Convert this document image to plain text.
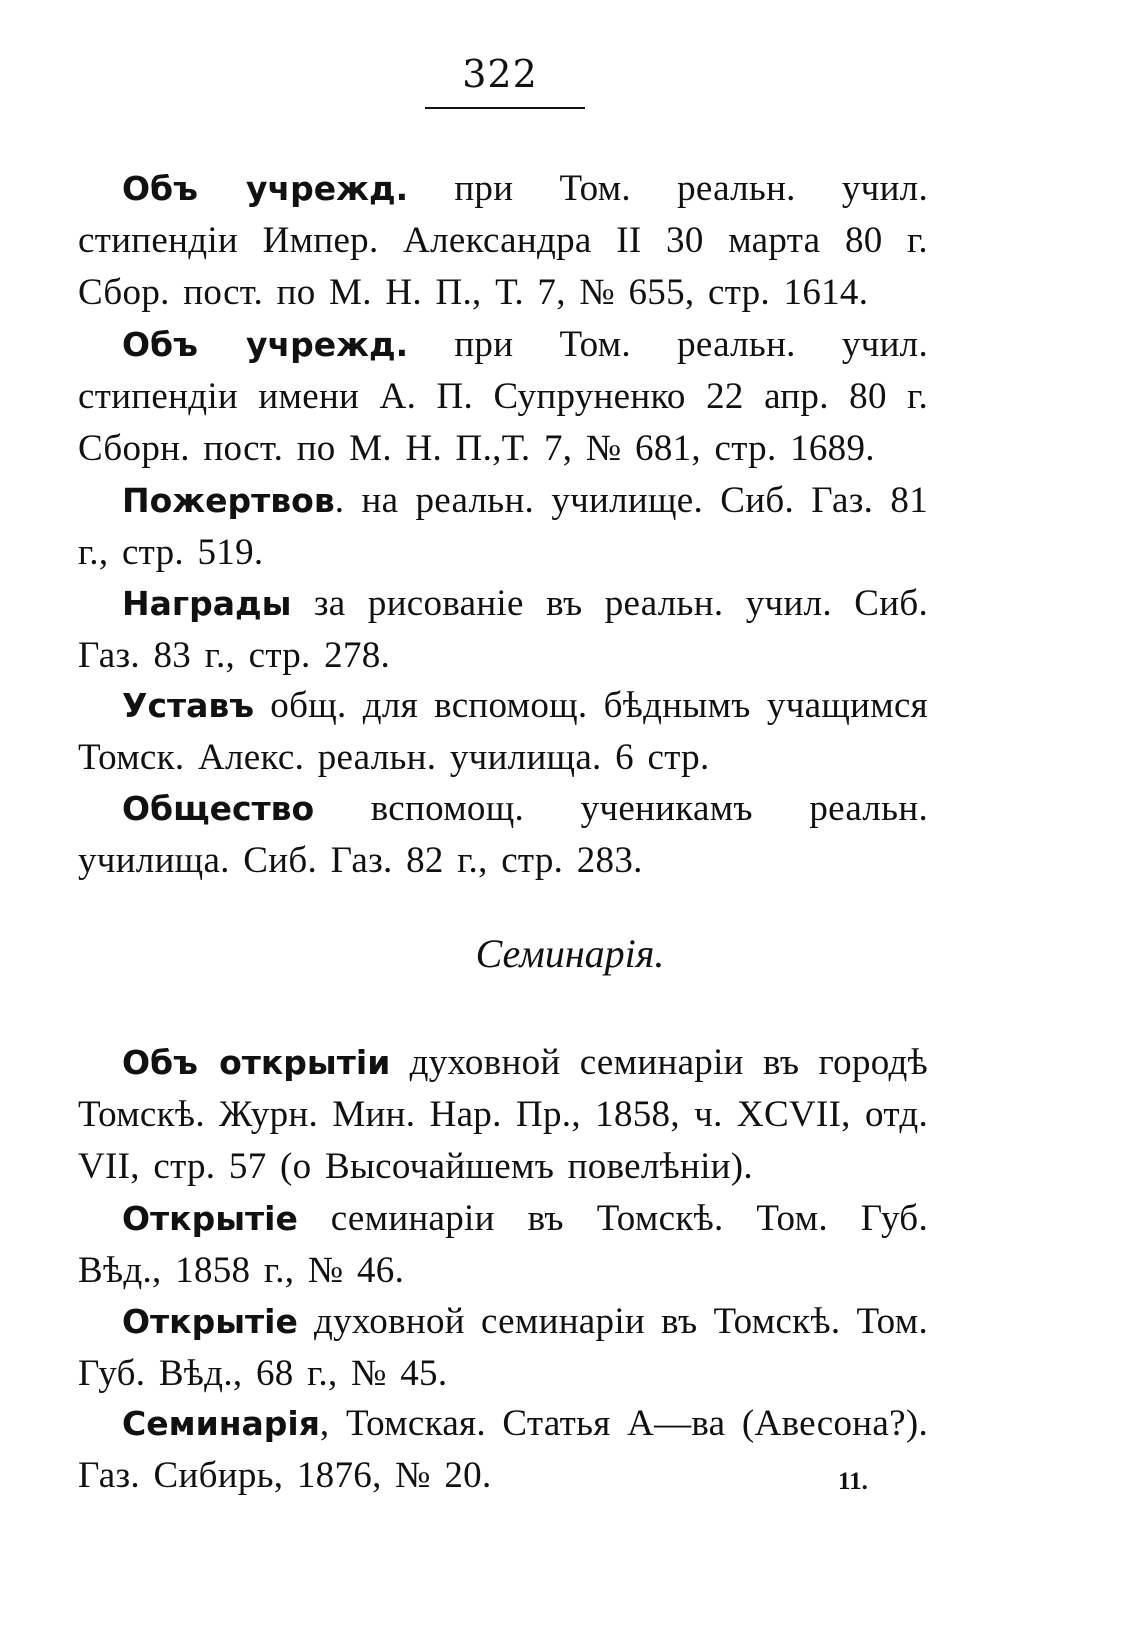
322

Объ учрежд. при Том. реальн. учил. стипендіи Импер. Александра II 30 марта 80 г. Сбор. пост. по М. Н. П., Т. 7, № 655, стр. 1614.

Объ учрежд. при Том. реальн. учил. стипендіи имени А. П. Супруненко 22 апр. 80 г. Сборн. пост. по М. Н. П.,Т. 7, № 681, стр. 1689.

Пожертвов. на реальн. училище. Сиб. Газ. 81 г., стр. 519.

Награды за рисованіе въ реальн. учил. Сиб. Газ. 83 г., стр. 278.

Уставъ общ. для вспомощ. бѣднымъ учащимся Томск. Алекс. реальн. училища. 6 стр.

Общество вспомощ. ученикамъ реальн. училища. Сиб. Газ. 82 г., стр. 283.

Семинарія.

Объ открытіи духовной семинаріи въ городѣ Томскѣ. Журн. Мин. Нар. Пр., 1858, ч. XCVII, отд. VII, стр. 57 (о Высочайшемъ повелѣніи).

Открытіе семинаріи въ Томскѣ. Том. Губ. Вѣд., 1858 г., № 46.

Открытіе духовной семинаріи въ Томскѣ. Том. Губ. Вѣд., 68 г., № 45.

Семинарія, Томская. Статья А—ва (Авесона?). Газ. Сибирь, 1876, № 20.	11.
